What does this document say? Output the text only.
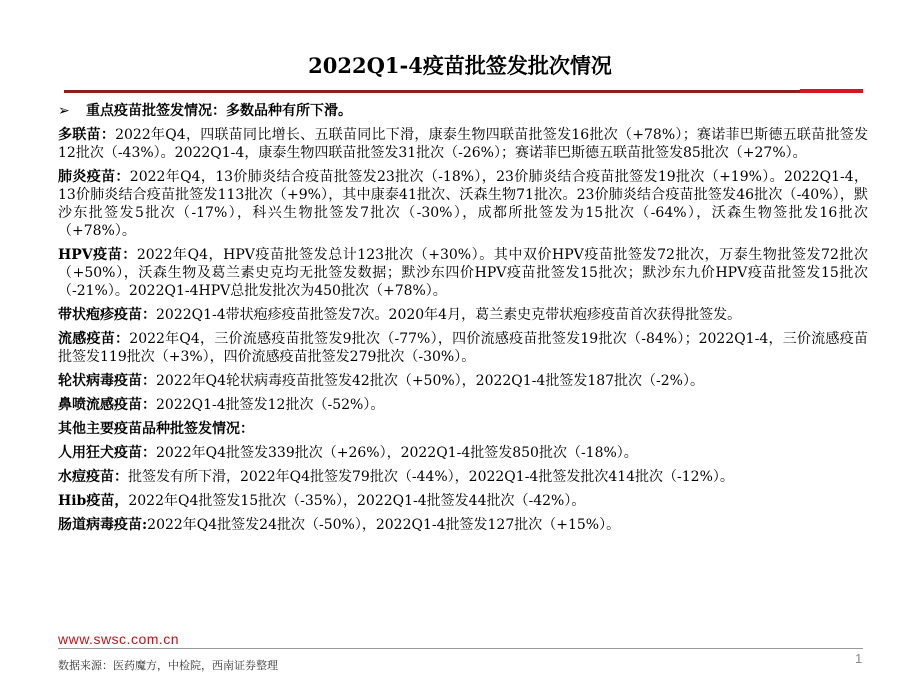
2022Q1-4疫苗批签发批次情况

➢ 重点疫苗批签发情况：多数品种有所下滑。

多联苗：2022年Q4，四联苗同比增长、五联苗同比下滑，康泰生物四联苗批签发16批次（+78%）；赛诺菲巴斯德五联苗批签发12批次（-43%）。2022Q1-4，康泰生物四联苗批签发31批次（-26%）；赛诺菲巴斯德五联苗批签发85批次（+27%）。

肺炎疫苗：2022年Q4，13价肺炎结合疫苗批签发23批次（-18%），23价肺炎结合疫苗批签发19批次（+19%）。2022Q1-4，13价肺炎结合疫苗批签发113批次（+9%），其中康泰41批次、沃森生物71批次。23价肺炎结合疫苗批签发46批次（-40%），默沙东批签发5批次（-17%），科兴生物批签发7批次（-30%），成都所批签发为15批次（-64%），沃森生物签批发16批次（+78%）。

HPV疫苗：2022年Q4，HPV疫苗批签发总计123批次（+30%）。其中双价HPV疫苗批签发72批次，万泰生物批签发72批次（+50%），沃森生物及葛兰素史克均无批签发数据；默沙东四价HPV疫苗批签发15批次；默沙东九价HPV疫苗批签发15批次（-21%）。2022Q1-4HPV总批发批次为450批次（+78%）。

带状疱疹疫苗：2022Q1-4带状疱疹疫苗批签发7次。2020年4月，葛兰素史克带状疱疹疫苗首次获得批签发。

流感疫苗：2022年Q4，三价流感疫苗批签发9批次（-77%），四价流感疫苗批签发19批次（-84%）；2022Q1-4，三价流感疫苗批签发119批次（+3%），四价流感疫苗批签发279批次（-30%）。

轮状病毒疫苗：2022年Q4轮状病毒疫苗批签发42批次（+50%），2022Q1-4批签发187批次（-2%）。

鼻喷流感疫苗：2022Q1-4批签发12批次（-52%）。

其他主要疫苗品种批签发情况：

人用狂犬疫苗：2022年Q4批签发339批次（+26%），2022Q1-4批签发850批次（-18%）。

水痘疫苗：批签发有所下滑，2022年Q4批签发79批次（-44%），2022Q1-4批签发批次414批次（-12%）。

Hib疫苗，2022年Q4批签发15批次（-35%），2022Q1-4批签发44批次（-42%）。

肠道病毒疫苗:2022年Q4批签发24批次（-50%），2022Q1-4批签发127批次（+15%）。

www.swsc.com.cn
数据来源：医药魔方，中检院，西南证券整理	1
